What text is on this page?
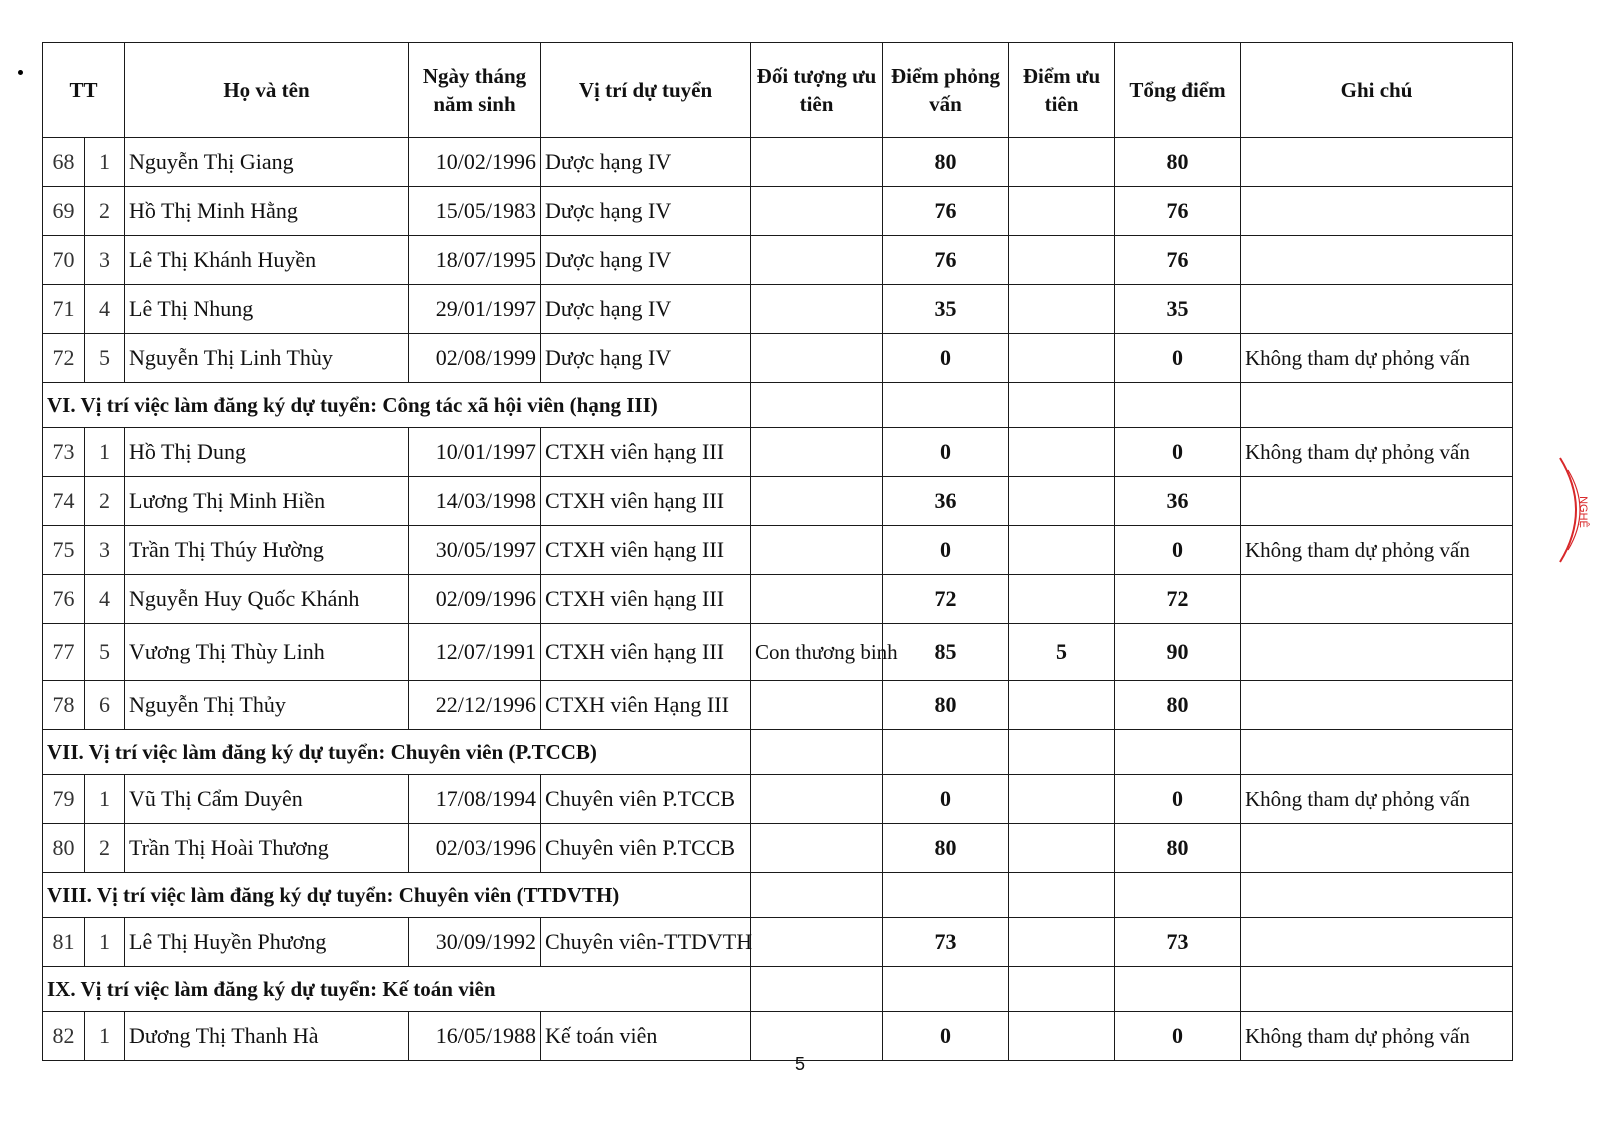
TT		Họ và tên	Ngày tháng năm sinh	Vị trí dự tuyển	Đối tượng ưu tiên	Điểm phỏng vấn	Điểm ưu tiên	Tổng điểm	Ghi chú
68	1	Nguyễn Thị Giang	10/02/1996	Dược hạng IV		80		80	
69	2	Hồ Thị Minh Hằng	15/05/1983	Dược hạng IV		76		76	
70	3	Lê Thị Khánh Huyền	18/07/1995	Dược hạng IV		76		76	
71	4	Lê Thị Nhung	29/01/1997	Dược hạng IV		35		35	
72	5	Nguyễn Thị Linh Thùy	02/08/1999	Dược hạng IV		0		0	Không tham dự phỏng vấn
VI. Vị trí việc làm đăng ký dự tuyển: Công tác xã hội viên (hạng III)									
73	1	Hồ Thị Dung	10/01/1997	CTXH viên hạng III		0		0	Không tham dự phỏng vấn
74	2	Lương Thị Minh Hiền	14/03/1998	CTXH viên hạng III		36		36	
75	3	Trần Thị Thúy Hường	30/05/1997	CTXH viên hạng III		0		0	Không tham dự phỏng vấn
76	4	Nguyễn Huy Quốc Khánh	02/09/1996	CTXH viên hạng III		72		72	
77	5	Vương Thị Thùy Linh	12/07/1991	CTXH viên hạng III	Con thương binh	85	5	90	
78	6	Nguyễn Thị Thủy	22/12/1996	CTXH viên Hạng III		80		80	
VII. Vị trí việc làm đăng ký dự tuyển: Chuyên viên (P.TCCB)									
79	1	Vũ Thị Cẩm Duyên	17/08/1994	Chuyên viên P.TCCB		0		0	Không tham dự phỏng vấn
80	2	Trần Thị Hoài Thương	02/03/1996	Chuyên viên P.TCCB		80		80	
VIII. Vị trí việc làm đăng ký dự tuyển: Chuyên viên (TTDVTH)									
81	1	Lê Thị Huyền Phương	30/09/1992	Chuyên viên-TTDVTH		73		73	
IX. Vị trí việc làm đăng ký dự tuyển: Kế toán viên									
82	1	Dương Thị Thanh Hà	16/05/1988	Kế toán viên		0		0	Không tham dự phỏng vấn
5
NGHỆ
